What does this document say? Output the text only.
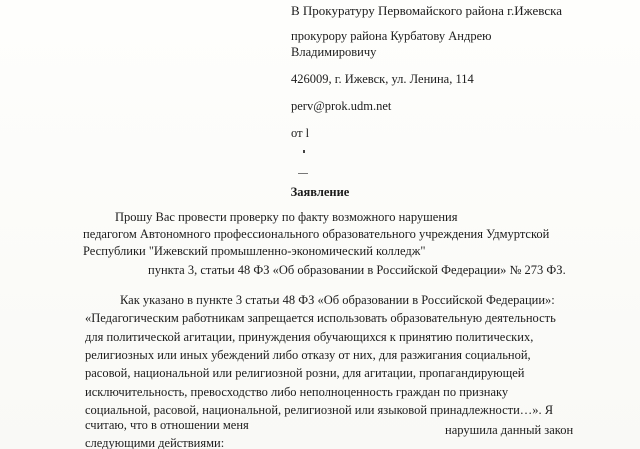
В Прокуратуру Первомайского района г.Ижевска
прокурору района Курбатову Андрею
Владимировичу
426009, г. Ижевск, ул. Ленина, 114
perv@prok.udm.net
от l
Заявление
Прошу Вас провести проверку по факту возможного нарушения
педагогом Автономного профессионального образовательного учреждения Удмуртской
Республики "Ижевский промышленно-экономический колледж"
пункта 3, статьи 48 ФЗ «Об образовании в Российской Федерации» № 273 ФЗ.
Как указано в пункте 3 статьи 48 ФЗ «Об образовании в Российской Федерации»:
«Педагогическим работникам запрещается использовать образовательную деятельность
для политической агитации, принуждения обучающихся к принятию политических,
религиозных или иных убеждений либо отказу от них, для разжигания социальной,
расовой, национальной или религиозной розни, для агитации, пропагандирующей
исключительность, превосходство либо неполноценность граждан по признаку
социальной, расовой, национальной, религиозной или языковой принадлежности…». Я
считаю, что в отношении меня	нарушила данный закон
следующими действиями:
